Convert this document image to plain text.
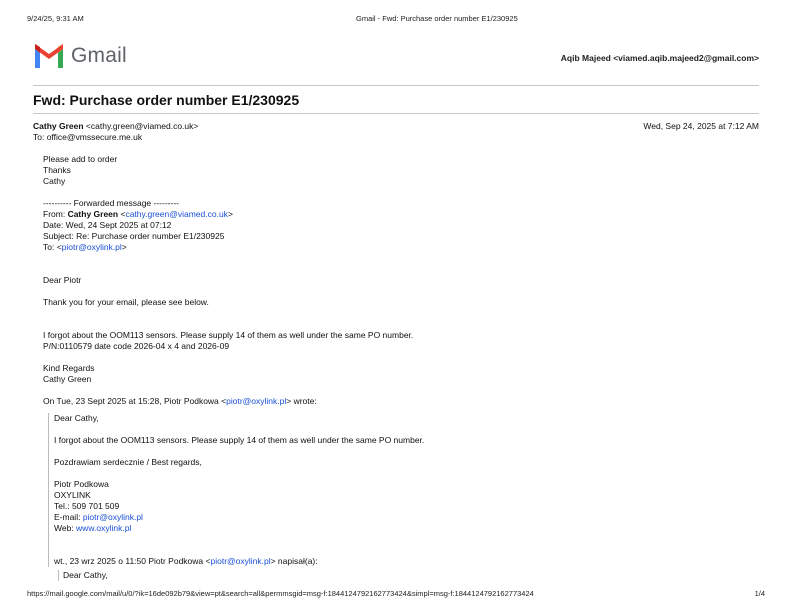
9/24/25, 9:31 AM	Gmail - Fwd: Purchase order number E1/230925
Gmail	Aqib Majeed <viamed.aqib.majeed2@gmail.com>
Fwd: Purchase order number E1/230925
Cathy Green <cathy.green@viamed.co.uk>	Wed, Sep 24, 2025 at 7:12 AM
To: office@vmssecure.me.uk
Please add to order
Thanks
Cathy
---------- Forwarded message ---------
From: Cathy Green <cathy.green@viamed.co.uk>
Date: Wed, 24 Sept 2025 at 07:12
Subject: Re: Purchase order number E1/230925
To: <piotr@oxylink.pl>
Dear Piotr
Thank you for your email, please see below.
I forgot about the OOM113 sensors. Please supply 14 of them as well under the same PO number.
P/N:0110579 date code 2026-04 x 4 and 2026-09
Kind Regards
Cathy Green
On Tue, 23 Sept 2025 at 15:28, Piotr Podkowa <piotr@oxylink.pl> wrote:
Dear Cathy,
I forgot about the OOM113 sensors. Please supply 14 of them as well under the same PO number.
Pozdrawiam serdecznie / Best regards,
Piotr Podkowa
OXYLINK
Tel.: 509 701 509
E-mail: piotr@oxylink.pl
Web: www.oxylink.pl
wt., 23 wrz 2025 o 11:50 Piotr Podkowa <piotr@oxylink.pl> napisał(a):
Dear Cathy,
https://mail.google.com/mail/u/0/?ik=16de092b79&view=pt&search=all&permmsgid=msg-f:1844124792162773424&simpl=msg-f:1844124792162773424	1/4
